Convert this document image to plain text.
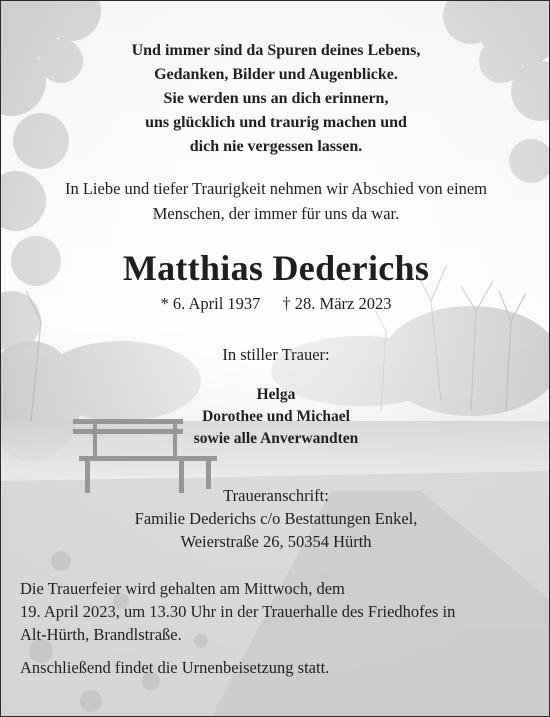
Und immer sind da Spuren deines Lebens,
Gedanken, Bilder und Augenblicke.
Sie werden uns an dich erinnern,
uns glücklich und traurig machen und
dich nie vergessen lassen.
In Liebe und tiefer Traurigkeit nehmen wir Abschied von einem
Menschen, der immer für uns da war.
Matthias Dederichs
* 6. April 1937 † 28. März 2023
In stiller Trauer:
Helga
Dorothee und Michael
sowie alle Anverwandten
Traueranschrift:
Familie Dederichs c/o Bestattungen Enkel,
Weierstraße 26, 50354 Hürth
Die Trauerfeier wird gehalten am Mittwoch, dem
19. April 2023, um 13.30 Uhr in der Trauerhalle des Friedhofes in
Alt-Hürth, Brandlstraße.
Anschließend findet die Urnenbeisetzung statt.
